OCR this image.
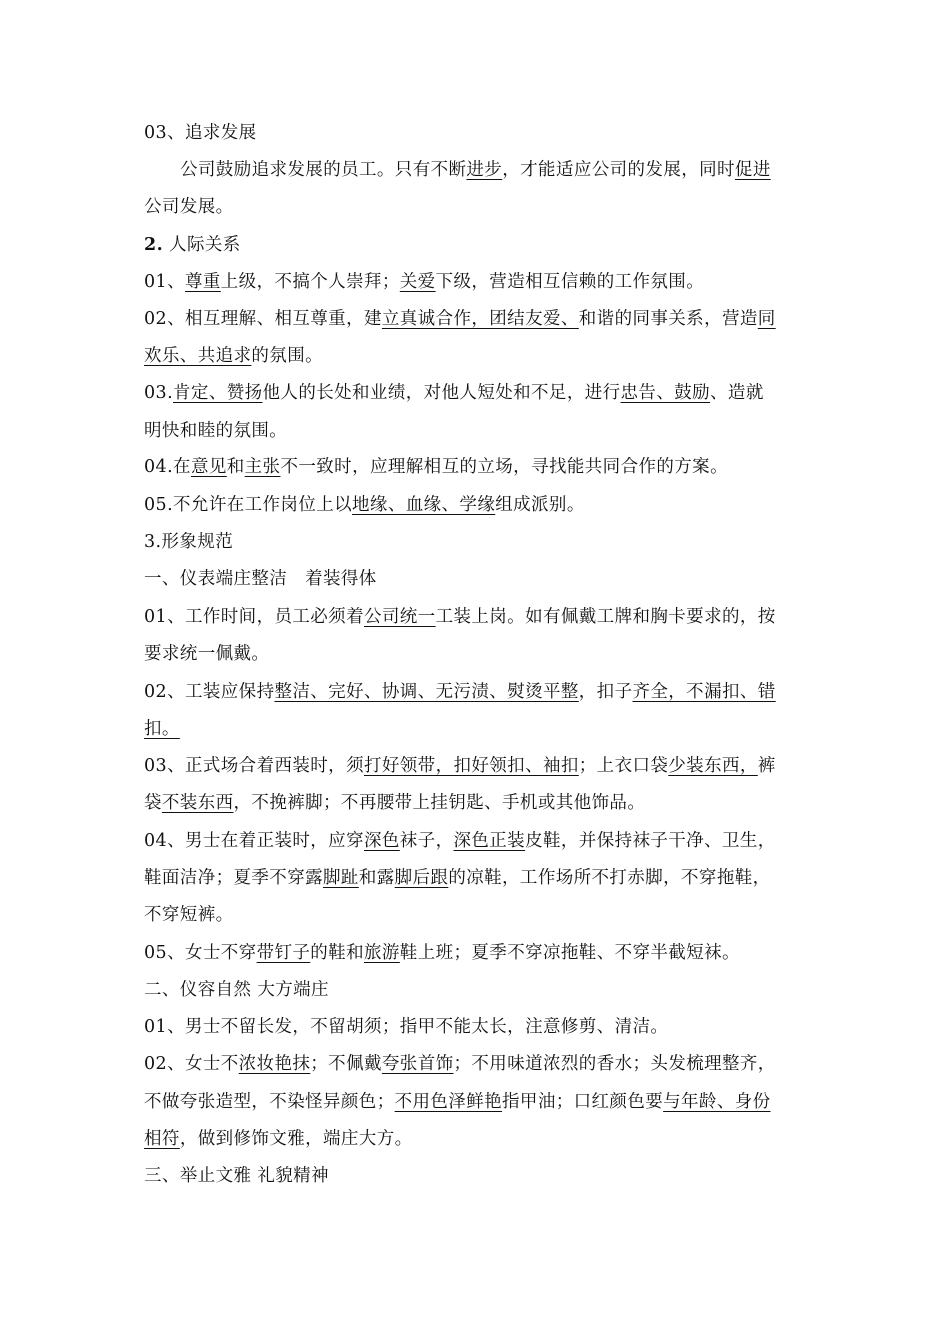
03、追求发展
公司鼓励追求发展的员工。只有不断进步，才能适应公司的发展，同时促进
公司发展。
2. 人际关系
01、尊重上级，不搞个人崇拜；关爱下级，营造相互信赖的工作氛围。
02、相互理解、相互尊重，建立真诚合作，团结友爱、和谐的同事关系，营造同
欢乐、共追求的氛围。
03.肯定、赞扬他人的长处和业绩，对他人短处和不足，进行忠告、鼓励、造就
明快和睦的氛围。
04.在意见和主张不一致时，应理解相互的立场，寻找能共同合作的方案。
05.不允许在工作岗位上以地缘、血缘、学缘组成派别。
3.形象规范
一、仪表端庄整洁　着装得体
01、工作时间，员工必须着公司统一工装上岗。如有佩戴工牌和胸卡要求的，按
要求统一佩戴。
02、工装应保持整洁、完好、协调、无污渍、熨烫平整，扣子齐全，不漏扣、错
扣。
03、正式场合着西装时，须打好领带，扣好领扣、袖扣；上衣口袋少装东西，裤
袋不装东西，不挽裤脚；不再腰带上挂钥匙、手机或其他饰品。
04、男士在着正装时，应穿深色袜子，深色正装皮鞋，并保持袜子干净、卫生，
鞋面洁净；夏季不穿露脚趾和露脚后跟的凉鞋，工作场所不打赤脚，不穿拖鞋，
不穿短裤。
05、女士不穿带钉子的鞋和旅游鞋上班；夏季不穿凉拖鞋、不穿半截短袜。
二、仪容自然 大方端庄
01、男士不留长发，不留胡须；指甲不能太长，注意修剪、清洁。
02、女士不浓妆艳抹；不佩戴夸张首饰；不用味道浓烈的香水；头发梳理整齐，
不做夸张造型，不染怪异颜色；不用色泽鲜艳指甲油；口红颜色要与年龄、身份
相符，做到修饰文雅，端庄大方。
三、举止文雅 礼貌精神
